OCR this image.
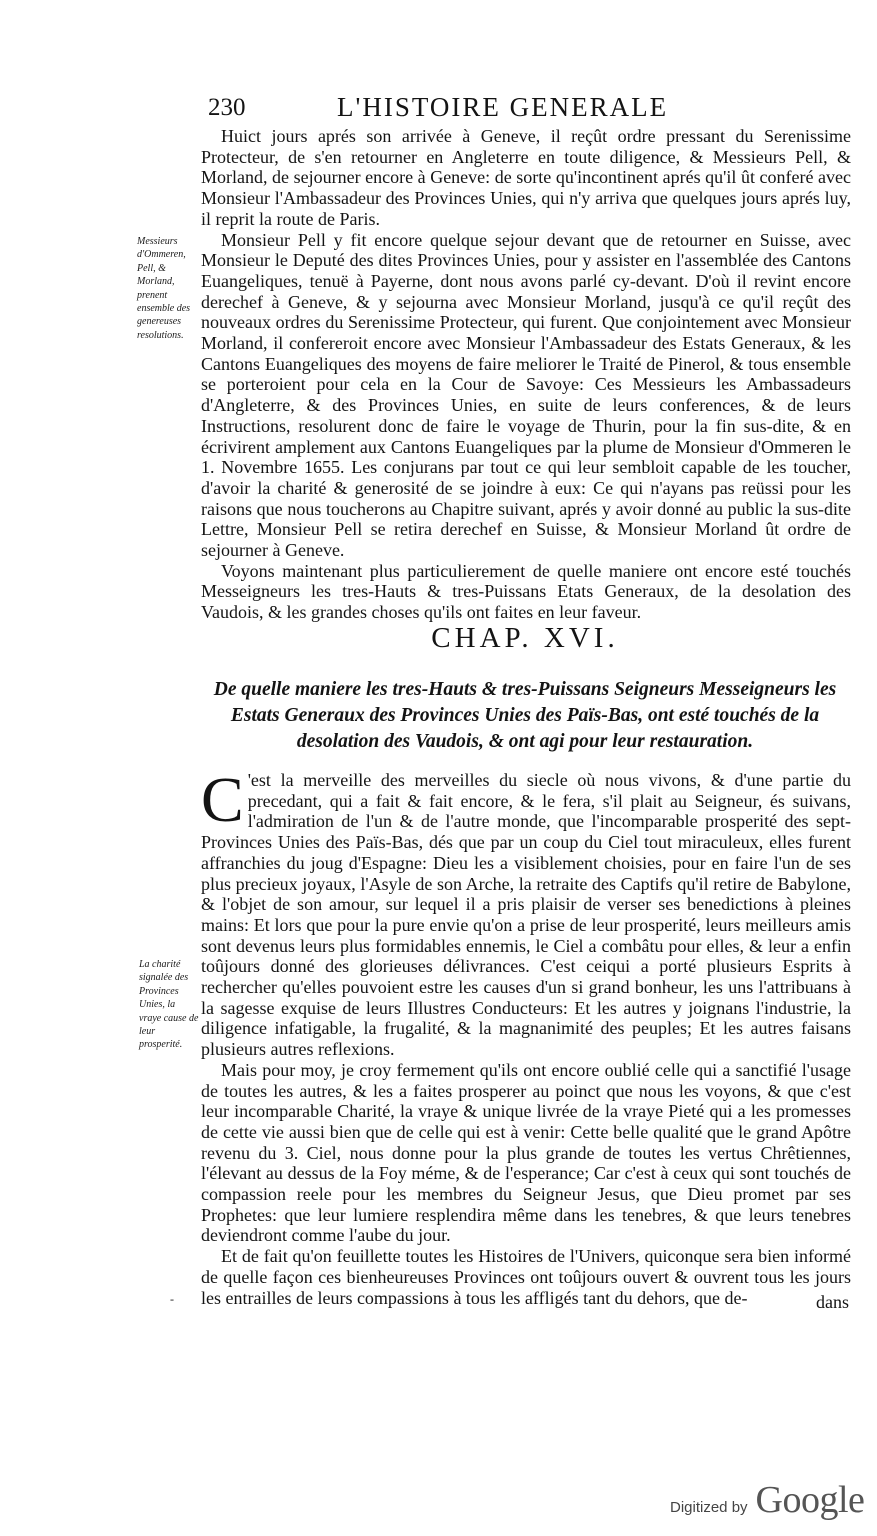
230	L'HISTOIRE GENERALE

Huict jours aprés son arrivée à Geneve, il reçût ordre pressant du Serenissime Protecteur, de s'en retourner en Angleterre en toute diligence, & Messieurs Pell, & Morland, de sejourner encore à Geneve: de sorte qu'incontinent aprés qu'il ût conferé avec Monsieur l'Ambassadeur des Provinces Unies, qui n'y arriva que quelques jours aprés luy, il reprit la route de Paris.

Monsieur Pell y fit encore quelque sejour devant que de retourner en Suisse, avec Monsieur le Deputé des dites Provinces Unies, pour y assister en l'assemblée des Cantons Euangeliques, tenuë à Payerne, dont nous avons parlé cy-devant. D'où il revint encore derechef à Geneve, & y sejourna avec Monsieur Morland, jusqu'à ce qu'il reçût des nouveaux ordres du Serenissime Protecteur, qui furent. Que conjointement avec Monsieur Morland, il confereroit encore avec Monsieur l'Ambassadeur des Estats Generaux, & les Cantons Euangeliques des moyens de faire meliorer le Traité de Pinerol, & tous ensemble se porteroient pour cela en la Cour de Savoye: Ces Messieurs les Ambassadeurs d'Angleterre, & des Provinces Unies, en suite de leurs conferences, & de leurs Instructions, resolurent donc de faire le voyage de Thurin, pour la fin sus-dite, & en écrivirent amplement aux Cantons Euangeliques par la plume de Monsieur d'Ommeren le 1. Novembre 1655. Les conjurans par tout ce qui leur sembloit capable de les toucher, d'avoir la charité & generosité de se joindre à eux: Ce qui n'ayans pas reüssi pour les raisons que nous toucherons au Chapitre suivant, aprés y avoir donné au public la sus-dite Lettre, Monsieur Pell se retira derechef en Suisse, & Monsieur Morland ût ordre de sejourner à Geneve.

Voyons maintenant plus particulierement de quelle maniere ont encore esté touchés Messeigneurs les tres-Hauts & tres-Puissans Etats Generaux, de la desolation des Vaudois, & les grandes choses qu'ils ont faites en leur faveur.

Messieurs d'Ommeren, Pell, & Morland, prenent ensemble des genereuses resolutions.
CHAP. XVI.
De quelle maniere les tres-Hauts & tres-Puissans Seigneurs Messeigneurs les Estats Generaux des Provinces Unies des Païs-Bas, ont esté touchés de la desolation des Vaudois, & ont agi pour leur restauration.

C 'est la merveille des merveilles du siecle où nous vivons, & d'une partie du precedant, qui a fait & fait encore, & le fera, s'il plait au Seigneur, és suivans, l'admiration de l'un & de l'autre monde, que l'incomparable prosperité des sept-Provinces Unies des Païs-Bas, dés que par un coup du Ciel tout miraculeux, elles furent affranchies du joug d'Espagne: Dieu les a visiblement choisies, pour en faire l'un de ses plus precieux joyaux, l'Asyle de son Arche, la retraite des Captifs qu'il retire de Babylone, & l'objet de son amour, sur lequel il a pris plaisir de verser ses benedictions à pleines mains: Et lors que pour la pure envie qu'on a prise de leur prosperité, leurs meilleurs amis sont devenus leurs plus formidables ennemis, le Ciel a combâtu pour elles, & leur a enfin toûjours donné des glorieuses délivrances. C'est ceiqui a porté plusieurs Esprits à rechercher qu'elles pouvoient estre les causes d'un si grand bonheur, les uns l'attribuans à la sagesse exquise de leurs Illustres Conducteurs: Et les autres y joignans l'industrie, la diligence infatigable, la frugalité, & la magnanimité des peuples; Et les autres faisans plusieurs autres reflexions.

Mais pour moy, je croy fermement qu'ils ont encore oublié celle qui a sanctifié l'usage de toutes les autres, & les a faites prosperer au poinct que nous les voyons, & que c'est leur incomparable Charité, la vraye & unique livrée de la vraye Pieté qui a les promesses de cette vie aussi bien que de celle qui est à venir: Cette belle qualité que le grand Apôtre revenu du 3. Ciel, nous donne pour la plus grande de toutes les vertus Chrêtiennes, l'élevant au dessus de la Foy méme, & de l'esperance; Car c'est à ceux qui sont touchés de compassion reele pour les membres du Seigneur Jesus, que Dieu promet par ses Prophetes: que leur lumiere resplendira même dans les tenebres, & que leurs tenebres deviendront comme l'aube du jour.

Et de fait qu'on feuillette toutes les Histoires de l'Univers, quiconque sera bien informé de quelle façon ces bienheureuses Provinces ont toûjours ouvert & ouvrent tous les jours les entrailles de leurs compassions à tous les affligés tant du dehors, que de-

La charité signalée des Provinces Unies, la vraye cause de leur prosperité.
-	dans
Digitized by Google
